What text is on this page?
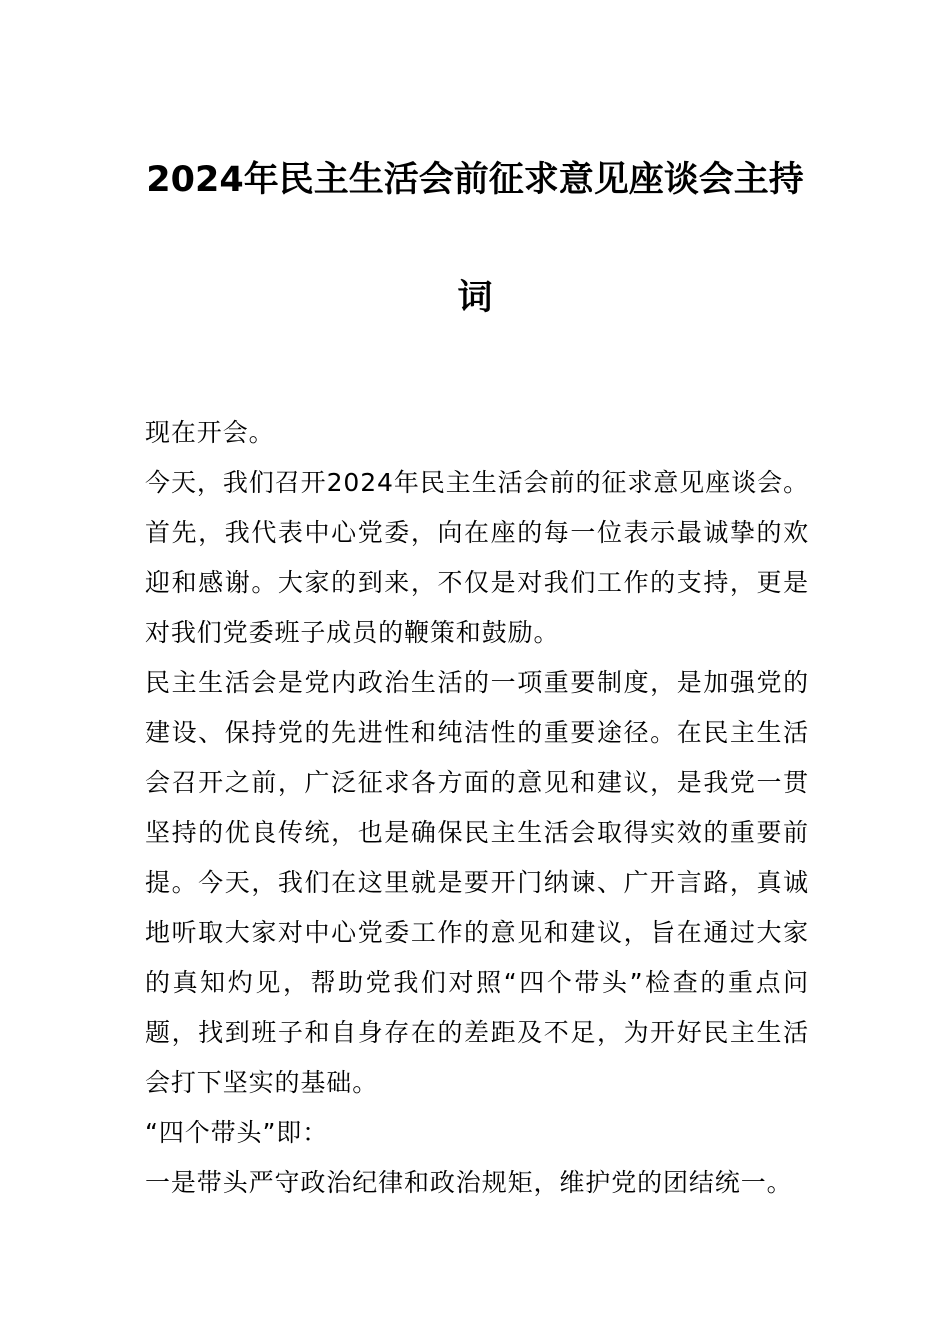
2024年民主生活会前征求意见座谈会主持
词

现在开会。

今天，我们召开2024年民主生活会前的征求意见座谈会。首先，我代表中心党委，向在座的每一位表示最诚挚的欢迎和感谢。大家的到来，不仅是对我们工作的支持，更是对我们党委班子成员的鞭策和鼓励。

民主生活会是党内政治生活的一项重要制度，是加强党的建设、保持党的先进性和纯洁性的重要途径。在民主生活会召开之前，广泛征求各方面的意见和建议，是我党一贯坚持的优良传统，也是确保民主生活会取得实效的重要前提。今天，我们在这里就是要开门纳谏、广开言路，真诚地听取大家对中心党委工作的意见和建议，旨在通过大家的真知灼见，帮助党我们对照“四个带头”检查的重点问题，找到班子和自身存在的差距及不足，为开好民主生活会打下坚实的基础。

“四个带头”即：

一是带头严守政治纪律和政治规矩，维护党的团结统一。
